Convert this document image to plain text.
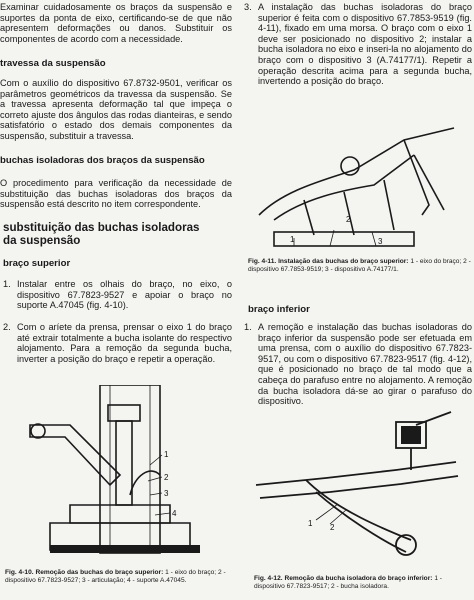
Examinar cuidadosamente os braços da suspensão e suportes da ponta de eixo, certificando-se de que não apresentem deformações ou danos. Substituir os componentes de acordo com a necessidade.

travessa da suspensão

Com o auxílio do dispositivo 67.8732-9501, verificar os parâmetros geométricos da travessa da suspensão. Se a travessa apresenta deformação tal que impeça o correto ajuste dos ângulos das rodas dianteiras, e sendo satisfatório o estado dos demais componentes da suspensão, substituir a travessa.

buchas isoladoras dos braços da suspensão

O procedimento para verificação da necessidade de substituição das buchas isoladoras dos braços da suspensão está descrito no item correspondente.

substituição das buchas isoladoras
da suspensão
braço superior
1. Instalar entre os olhais do braço, no eixo, o dispositivo 67.7823-9527 e apoiar o braço no suporte A.47045 (fig. 4-10).

2. Com o aríete da prensa, prensar o eixo 1 do braço até extrair totalmente a bucha isolante do respectivo alojamento. Para a remoção da segunda bucha, inverter a posição do braço e repetir a operação.

1
2
3
4
Fig. 4-10. Remoção das buchas do braço superior: 1 - eixo do braço; 2 - dispositivo 67.7823-9527; 3 - articulação; 4 - suporte A.47045.
3. A instalação das buchas isoladoras do braço superior é feita com o dispositivo 67.7853-9519 (fig. 4-11), fixado em uma morsa. O braço com o eixo 1 deve ser posicionado no dispositivo 2; instalar a bucha isoladora no eixo e inseri-la no alojamento do braço com o dispositivo 3 (A.74177/1). Repetir a operação descrita acima para a segunda bucha, invertendo a posição do braço.

1
2
3
Fig. 4-11. Instalação das buchas do braço superior: 1 - eixo do braço; 2 - dispositivo 67.7853-9519; 3 - dispositivo A.74177/1.
braço inferior
1. A remoção e instalação das buchas isoladoras do braço inferior da suspensão pode ser efetuada em uma prensa, com o auxílio do dispositivo 67.7823-9517, ou com o dispositivo 67.7823-9517 (fig. 4-12), que é posicionado no braço de tal modo que a cabeça do parafuso entre no alojamento. A remoção da bucha isoladora dá-se ao girar o parafuso do dispositivo.

1 2
Fig. 4-12. Remoção da bucha isoladora do braço inferior: 1 - dispositivo 67.7823-9517; 2 - bucha isoladora.
